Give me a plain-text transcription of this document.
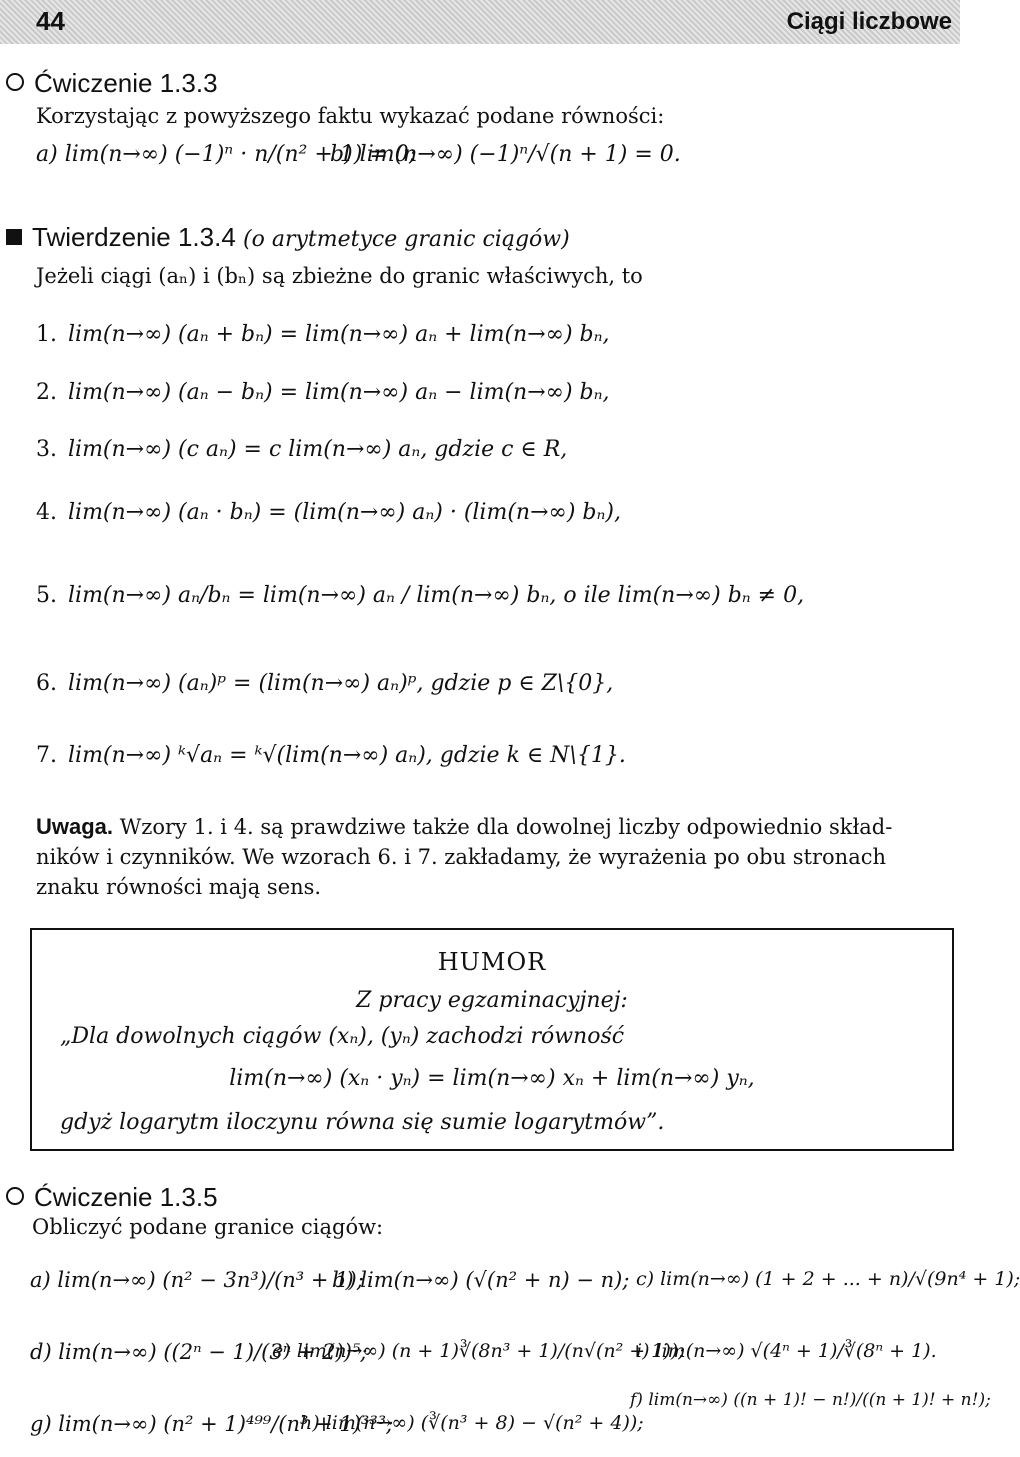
44	Ciągi liczbowe
Ćwiczenie 1.3.3
Korzystając z powyższego faktu wykazać podane równości:
a) lim(n→∞) (−1)ⁿ · n/(n² + 1) = 0;
b) lim(n→∞) (−1)ⁿ/√(n + 1) = 0.
Twierdzenie 1.3.4 (o arytmetyce granic ciągów)
Jeżeli ciągi (aₙ) i (bₙ) są zbieżne do granic właściwych, to
1. lim(n→∞) (aₙ + bₙ) = lim(n→∞) aₙ + lim(n→∞) bₙ,
2. lim(n→∞) (aₙ − bₙ) = lim(n→∞) aₙ − lim(n→∞) bₙ,
3. lim(n→∞) (c aₙ) = c lim(n→∞) aₙ, gdzie c ∈ R,
4. lim(n→∞) (aₙ · bₙ) = (lim(n→∞) aₙ) · (lim(n→∞) bₙ),
5. lim(n→∞) aₙ/bₙ = lim(n→∞) aₙ / lim(n→∞) bₙ, o ile lim(n→∞) bₙ ≠ 0,
6. lim(n→∞) (aₙ)ᵖ = (lim(n→∞) aₙ)ᵖ, gdzie p ∈ Z\{0},
7. lim(n→∞) ᵏ√aₙ = ᵏ√(lim(n→∞) aₙ), gdzie k ∈ N\{1}.
Uwaga. Wzory 1. i 4. są prawdziwe także dla dowolnej liczby odpowiednio skład-
ników i czynników. We wzorach 6. i 7. zakładamy, że wyrażenia po obu stronach
znaku równości mają sens.
HUMOR
Z pracy egzaminacyjnej:
„Dla dowolnych ciągów (xₙ), (yₙ) zachodzi równość
lim(n→∞) (xₙ · yₙ) = lim(n→∞) xₙ + lim(n→∞) yₙ,
gdyż logarytm iloczynu równa się sumie logarytmów”.
Ćwiczenie 1.3.5
Obliczyć podane granice ciągów:
a) lim(n→∞) (n² − 3n³)/(n³ + 1);
b) lim(n→∞) (√(n² + n) − n); c) lim(n→∞) (1 + 2 + ... + n)/√(9n⁴ + 1);
d) lim(n→∞) ((2ⁿ − 1)/(3ⁿ + 2))⁵;
e) lim(n→∞) (n + 1)∛(8n³ + 1)/(n√(n² + 1));
f) lim(n→∞) ((n + 1)! − n!)/((n + 1)! + n!);
g) lim(n→∞) (n² + 1)⁴⁹⁹/(n³ + 1)³³³;
h) lim(n→∞) (∛(n³ + 8) − √(n² + 4));
i) lim(n→∞) √(4ⁿ + 1)/∛(8ⁿ + 1).
